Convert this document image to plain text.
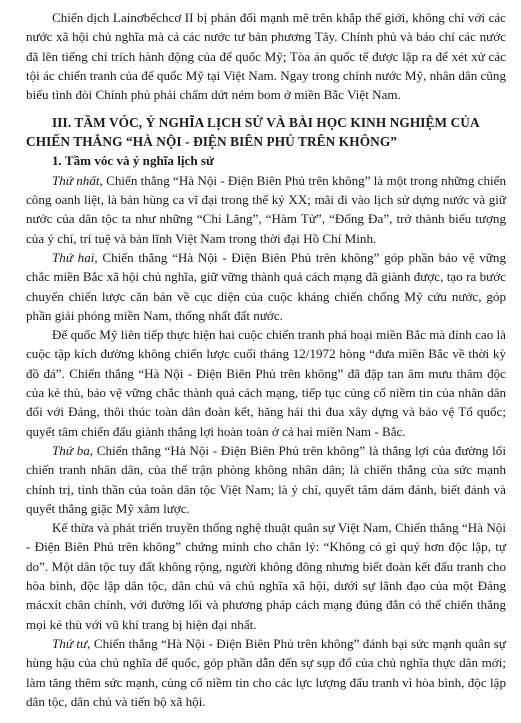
Chiến dịch Lainơbếchcơ II bị phản đối mạnh mẽ trên khắp thế giới, không chỉ với các nước xã hội chủ nghĩa mà cả các nước tư bản phương Tây. Chính phủ và báo chí các nước đã lên tiếng chỉ trích hành động của đế quốc Mỹ; Tòa án quốc tế được lập ra để xét xử các tội ác chiến tranh của đế quốc Mỹ tại Việt Nam. Ngay trong chính nước Mỹ, nhân dân cũng biểu tình đòi Chính phủ phải chấm dứt ném bom ở miền Bắc Việt Nam.

III. TẦM VÓC, Ý NGHĨA LỊCH SỬ VÀ BÀI HỌC KINH NGHIỆM CỦA CHIẾN THẮNG “HÀ NỘI - ĐIỆN BIÊN PHỦ TRÊN KHÔNG”
1. Tầm vóc và ý nghĩa lịch sử

Thứ nhất, Chiến thắng “Hà Nội - Điện Biên Phủ trên không” là một trong những chiến công oanh liệt, là bản hùng ca vĩ đại trong thế kỷ XX; mãi đi vào lịch sử dựng nước và giữ nước của dân tộc ta như những “Chi Lăng”, “Hàm Tử”, “Đống Đa”, trở thành biểu tượng của ý chí, trí tuệ và bản lĩnh Việt Nam trong thời đại Hồ Chí Minh.

Thứ hai, Chiến thắng “Hà Nội - Điện Biên Phủ trên không” góp phần bảo vệ vững chắc miền Bắc xã hội chủ nghĩa, giữ vững thành quả cách mạng đã giành được, tạo ra bước chuyển chiến lược căn bản về cục diện của cuộc kháng chiến chống Mỹ cứu nước, góp phần giải phóng miền Nam, thống nhất đất nước.

Đế quốc Mỹ liên tiếp thực hiện hai cuộc chiến tranh phá hoại miền Bắc mà đỉnh cao là cuộc tập kích đường không chiến lược cuối tháng 12/1972 hòng “đưa miền Bắc về thời kỳ đồ đá”. Chiến thắng “Hà Nội - Điện Biên Phủ trên không” đã đập tan âm mưu thâm độc của kẻ thù, bảo vệ vững chắc thành quả cách mạng, tiếp tục củng cố niềm tin của nhân dân đối với Đảng, thôi thúc toàn dân đoàn kết, hăng hái thi đua xây dựng và bảo vệ Tổ quốc; quyết tâm chiến đấu giành thắng lợi hoàn toàn ở cả hai miền Nam - Bắc.

Thứ ba, Chiến thắng “Hà Nội - Điện Biên Phủ trên không” là thắng lợi của đường lối chiến tranh nhân dân, của thế trận phòng không nhân dân; là chiến thắng của sức mạnh chính trị, tinh thần của toàn dân tộc Việt Nam; là ý chí, quyết tâm dám đánh, biết đánh và quyết thắng giặc Mỹ xâm lược.

Kế thừa và phát triển truyền thống nghệ thuật quân sự Việt Nam, Chiến thắng “Hà Nội - Điện Biên Phủ trên không” chứng minh cho chân lý: “Không có gì quý hơn độc lập, tự do”. Một dân tộc tuy đất không rộng, người không đông nhưng biết đoàn kết đấu tranh cho hòa bình, độc lập dân tộc, dân chủ và chủ nghĩa xã hội, dưới sự lãnh đạo của một Đảng mácxít chân chính, với đường lối và phương pháp cách mạng đúng đắn có thể chiến thắng mọi kẻ thù với vũ khí trang bị hiện đại nhất.

Thứ tư, Chiến thắng “Hà Nội - Điện Biên Phủ trên không” đánh bại sức mạnh quân sự hùng hậu của chủ nghĩa đế quốc, góp phần dẫn đến sự sụp đổ của chủ nghĩa thực dân mới; làm tăng thêm sức mạnh, củng cố niềm tin cho các lực lượng đấu tranh vì hòa bình, độc lập dân tộc, dân chủ và tiến bộ xã hội.
